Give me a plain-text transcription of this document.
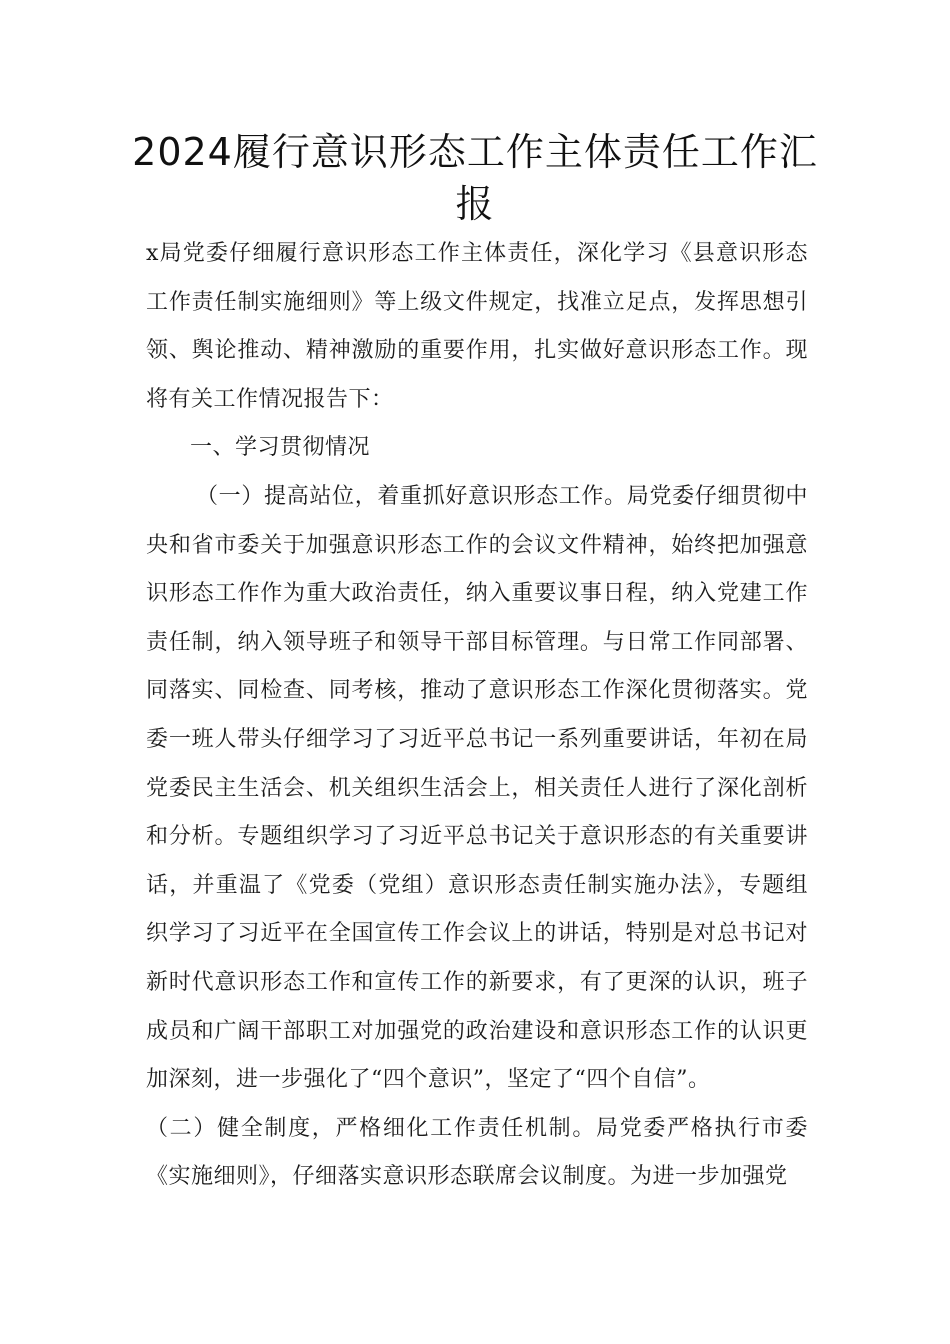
2024履行意识形态工作主体责任工作汇报

x局党委仔细履行意识形态工作主体责任，深化学习《县意识形态工作责任制实施细则》等上级文件规定，找准立足点，发挥思想引领、舆论推动、精神激励的重要作用，扎实做好意识形态工作。现将有关工作情况报告下：

一、学习贯彻情况

（一）提高站位，着重抓好意识形态工作。局党委仔细贯彻中央和省市委关于加强意识形态工作的会议文件精神，始终把加强意识形态工作作为重大政治责任，纳入重要议事日程，纳入党建工作责任制，纳入领导班子和领导干部目标管理。与日常工作同部署、同落实、同检查、同考核，推动了意识形态工作深化贯彻落实。党委一班人带头仔细学习了习近平总书记一系列重要讲话，年初在局党委民主生活会、机关组织生活会上，相关责任人进行了深化剖析和分析。专题组织学习了习近平总书记关于意识形态的有关重要讲话，并重温了《党委（党组）意识形态责任制实施办法》，专题组织学习了习近平在全国宣传工作会议上的讲话，特别是对总书记对新时代意识形态工作和宣传工作的新要求，有了更深的认识，班子成员和广阔干部职工对加强党的政治建设和意识形态工作的认识更加深刻，进一步强化了“四个意识”，坚定了“四个自信”。

（二）健全制度，严格细化工作责任机制。局党委严格执行市委《实施细则》，仔细落实意识形态联席会议制度。为进一步加强党
